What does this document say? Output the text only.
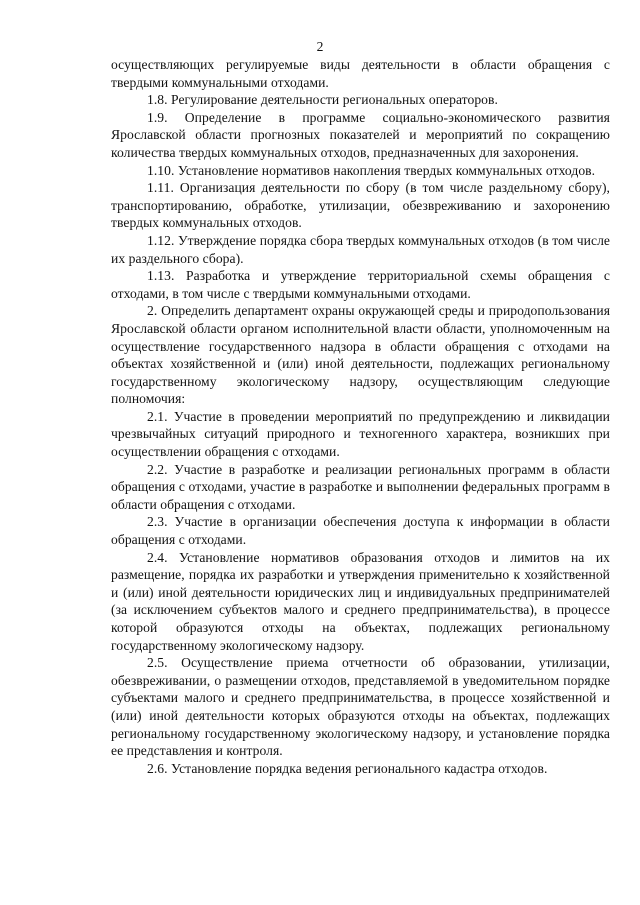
2

осуществляющих регулируемые виды деятельности в области обращения с твердыми коммунальными отходами.

1.8. Регулирование деятельности региональных операторов.

1.9. Определение в программе социально-экономического развития Ярославской области прогнозных показателей и мероприятий по сокращению количества твердых коммунальных отходов, предназначенных для захоронения.

1.10. Установление нормативов накопления твердых коммунальных отходов.

1.11. Организация деятельности по сбору (в том числе раздельному сбору), транспортированию, обработке, утилизации, обезвреживанию и захоронению твердых коммунальных отходов.

1.12. Утверждение порядка сбора твердых коммунальных отходов (в том числе их раздельного сбора).

1.13. Разработка и утверждение территориальной схемы обращения с отходами, в том числе с твердыми коммунальными отходами.

2. Определить департамент охраны окружающей среды и природопользования Ярославской области органом исполнительной власти области, уполномоченным на осуществление государственного надзора в области обращения с отходами на объектах хозяйственной и (или) иной деятельности, подлежащих региональному государственному экологическому надзору, осуществляющим следующие полномочия:

2.1. Участие в проведении мероприятий по предупреждению и ликвидации чрезвычайных ситуаций природного и техногенного характера, возникших при осуществлении обращения с отходами.

2.2. Участие в разработке и реализации региональных программ в области обращения с отходами, участие в разработке и выполнении федеральных программ в области обращения с отходами.

2.3. Участие в организации обеспечения доступа к информации в области обращения с отходами.

2.4. Установление нормативов образования отходов и лимитов на их размещение, порядка их разработки и утверждения применительно к хозяйственной и (или) иной деятельности юридических лиц и индивидуальных предпринимателей (за исключением субъектов малого и среднего предпринимательства), в процессе которой образуются отходы на объектах, подлежащих региональному государственному экологическому надзору.

2.5. Осуществление приема отчетности об образовании, утилизации, обезвреживании, о размещении отходов, представляемой в уведомительном порядке субъектами малого и среднего предпринимательства, в процессе хозяйственной и (или) иной деятельности которых образуются отходы на объектах, подлежащих региональному государственному экологическому надзору, и установление порядка ее представления и контроля.

2.6. Установление порядка ведения регионального кадастра отходов.
